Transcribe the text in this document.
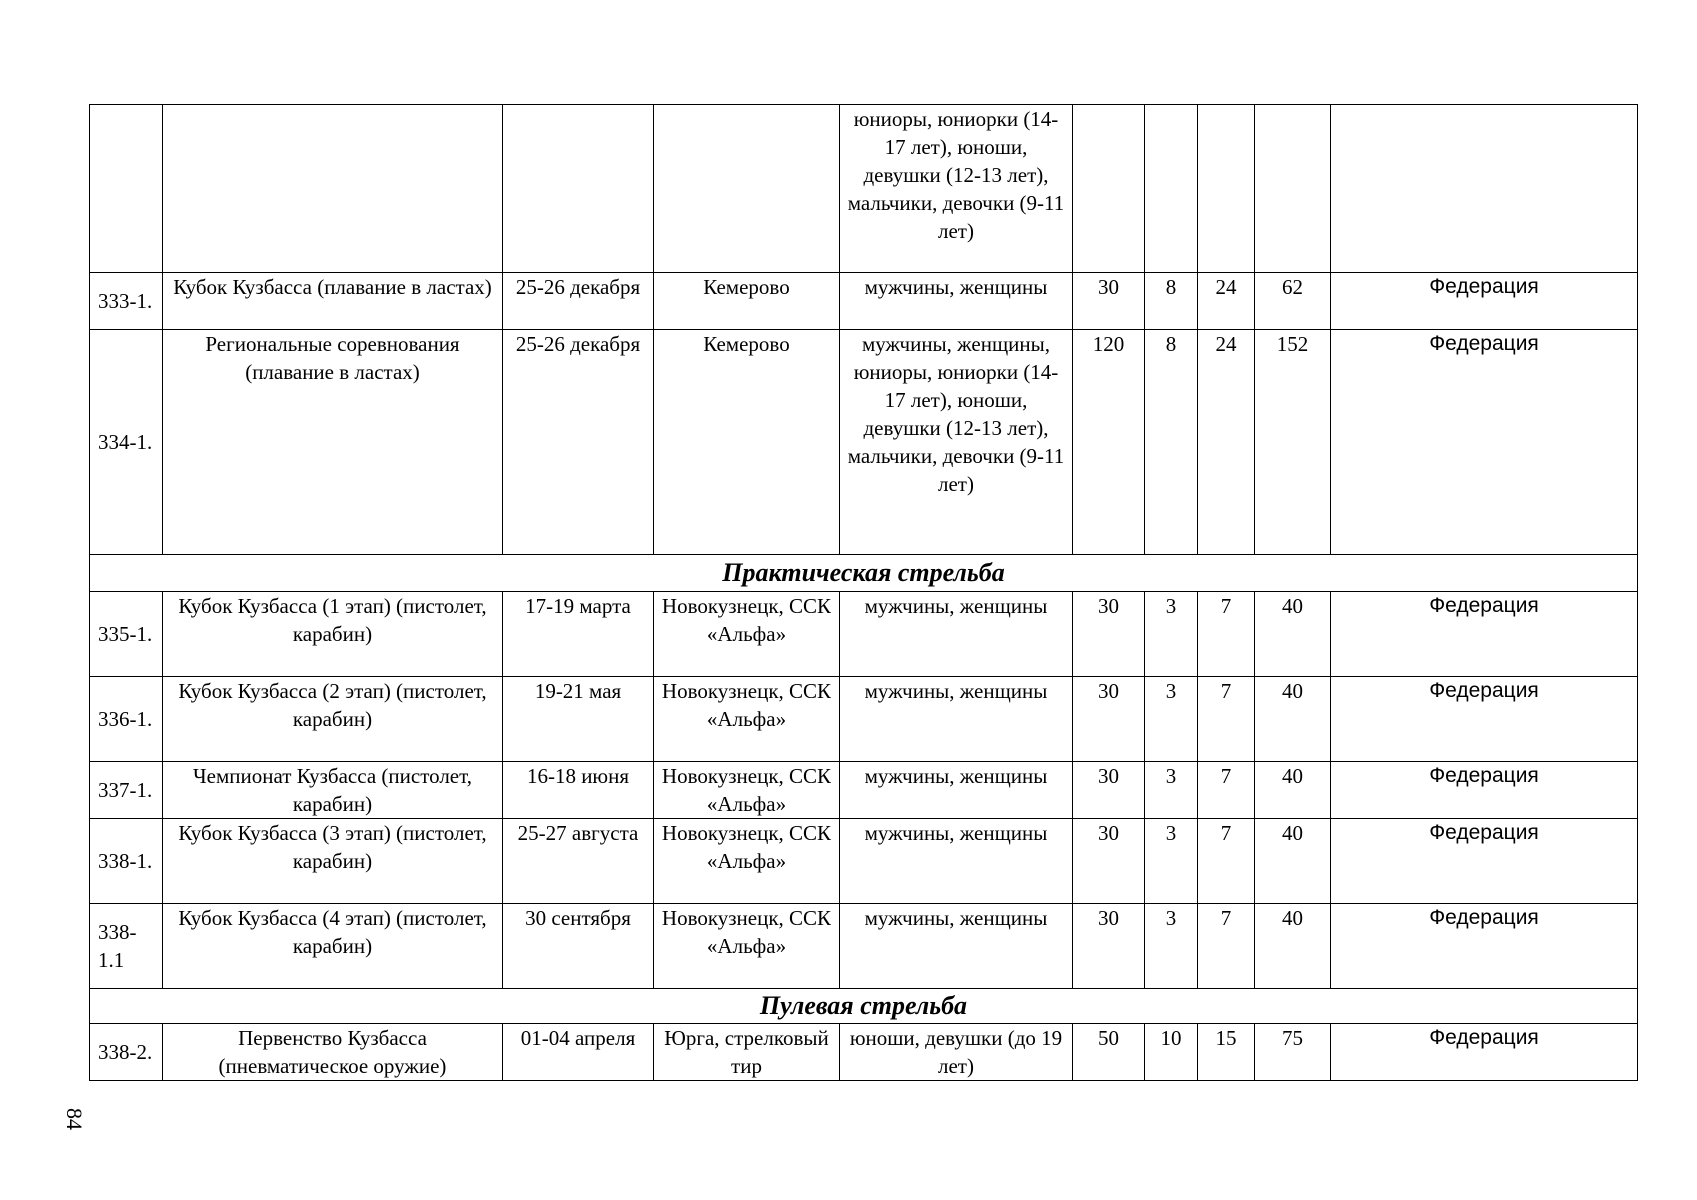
				юниоры, юниорки (14-17 лет), юноши, девушки (12-13 лет), мальчики, девочки (9-11 лет)					
333-1.	Кубок Кузбасса (плавание в ластах)	25-26 декабря	Кемерово	мужчины, женщины	30	8	24	62	Федерация
334-1.	Региональные соревнования (плавание в ластах)	25-26 декабря	Кемерово	мужчины, женщины, юниоры, юниорки (14-17 лет), юноши, девушки (12-13 лет), мальчики, девочки (9-11 лет)	120	8	24	152	Федерация
Практическая стрельба									
335-1.	Кубок Кузбасса (1 этап) (пистолет, карабин)	17-19 марта	Новокузнецк, ССК «Альфа»	мужчины, женщины	30	3	7	40	Федерация
336-1.	Кубок Кузбасса (2 этап) (пистолет, карабин)	19-21 мая	Новокузнецк, ССК «Альфа»	мужчины, женщины	30	3	7	40	Федерация
337-1.	Чемпионат Кузбасса (пистолет, карабин)	16-18 июня	Новокузнецк, ССК «Альфа»	мужчины, женщины	30	3	7	40	Федерация
338-1.	Кубок Кузбасса (3 этап) (пистолет, карабин)	25-27 августа	Новокузнецк, ССК «Альфа»	мужчины, женщины	30	3	7	40	Федерация
338- 1.1	Кубок Кузбасса (4 этап) (пистолет, карабин)	30 сентября	Новокузнецк, ССК «Альфа»	мужчины, женщины	30	3	7	40	Федерация
Пулевая стрельба									
338-2.	Первенство Кузбасса (пневматическое оружие)	01-04 апреля	Юрга, стрелковый тир	юноши, девушки (до 19 лет)	50	10	15	75	Федерация
84
